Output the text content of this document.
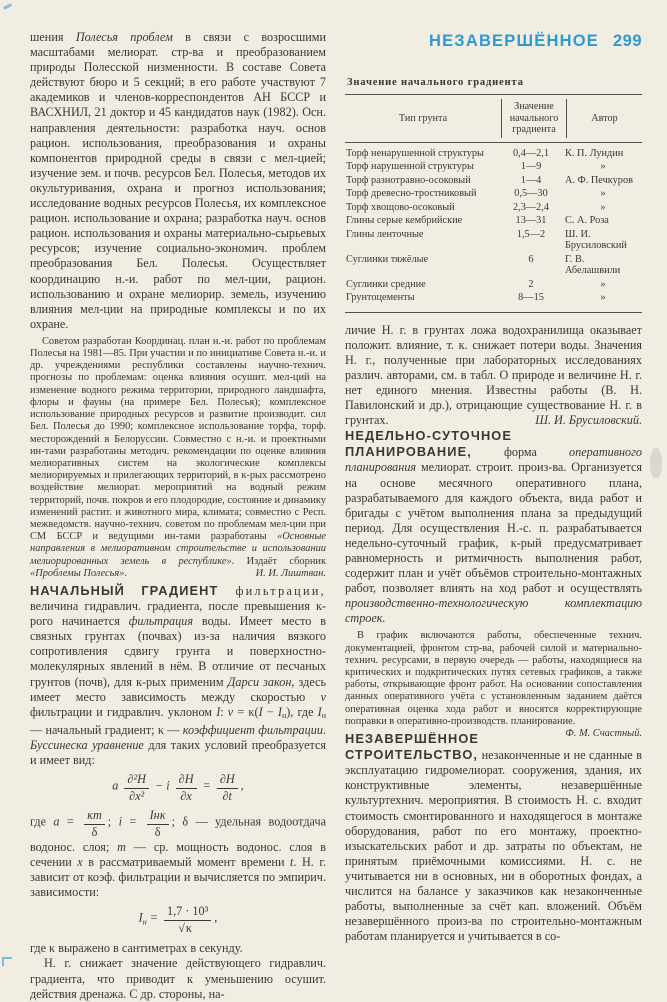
шения Полесья проблем в связи с возросшими масштабами мелиорат. стр-ва и преобразованием природы Полесской низменности. В составе Совета действуют бюро и 5 секций; в его работе участвуют 7 академиков и членов-корреспондентов АН БССР и ВАСХНИЛ, 21 доктор и 45 кандидатов наук (1982). Осн. направления деятельности: разработка науч. основ рацион. использования, преобразования и охраны компонентов природной среды в связи с мел-цией; изучение зем. и почв. ресурсов Бел. Полесья, методов их окультуривания, охрана и прогноз использования; исследование водных ресурсов Полесья, их комплексное рацион. использование и охрана; разработка науч. основ рацион. использования и охраны материально-сырьевых ресурсов; изучение социально-экономич. проблем преобразования Бел. Полесья. Осуществляет координацию н.-и. работ по мел-ции, рацион. использованию и охране мелиорир. земель, изучению влияния мел-ции на природные комплексы и по их охране.

Советом разработан Координац. план н.-и. работ по проблемам Полесья на 1981—85. При участии и по инициативе Совета н.-и. и др. учреждениями республики составлены научно-технич. прогнозы по проблемам: оценка влияния осушит. мел-ций на изменение водного режима территории, природного ландшафта, флоры и фауны (на примере Бел. Полесья); комплексное использование природных ресурсов и развитие производит. сил Бел. Полесья до 1990; комплексное использование торфа, торф. месторождений в Белоруссии. Совместно с н.-и. и проектными ин-тами разработаны методич. рекомендации по оценке влияния мелиоративных систем на экологические комплексы мелиорируемых и прилегающих территорий, в к-рых рассмотрено воздействие мелиорат. мероприятий на водный режим территорий, почв. покров и его плодородие, состояние и динамику изменений растит. и животного мира, климата; совместно с Респ. межведомств. научно-технич. советом по проблемам мел-ции при СМ БССР и ведущими ин-тами разработаны «Основные направления в мелиоративном строительстве и использовании мелиорированных земель в республике». Издаёт сборник «Проблемы Полесья».	И. И. Лиштван.

НАЧАЛЬНЫЙ ГРАДИЕНТ фильтрации, величина гидравлич. градиента, после превышения к-рого начинается фильтрация воды. Имеет место в связных грунтах (почвах) из-за наличия вязкого сопротивления сдвигу грунта и поверхностно-молекулярных явлений в нём. В отличие от песчаных грунтов (почв), для к-рых применим Дарси закон, здесь имеет место зависимость между скоростью v фильтрации и гидравлич. уклоном I: v = κ(I − Iн), где Iн — начальный градиент; κ — коэффициент фильтрации. Буссинеска уравнение для таких условий преобразуется и имеет вид:

a $\frac{\text{∂²H}}{\text{∂x²}} - i \frac{\partial H}{\partial x} = \frac{\partial H}{\partial t}$ ,

где $a = \frac{\kappa m}{\delta}$ ; $i = \frac{\text{Iнκ}}{\delta}$ ; δ — удельная водоотдача водонос. слоя; m — ср. мощность водонос. слоя в сечении x в рассматриваемый момент времени t. Н. г. зависит от коэф. фильтрации и вычисляется по эмпирич. зависимости:

$I_н = \frac{\text{1,7 · 10³}}{√\kappa}$ ,

где κ выражено в сантиметрах в секунду.

Н. г. снижает значение действующего гидравлич. градиента, что приводит к уменьшению осушит. действия дренажа. С др. стороны, на-

НЕЗАВЕРШЁННОЕ 299
Значение начального градиента
Тип грунта
Значение начального градиента
Автор
Торф ненарушенной структуры	0,4—2,1	К. П. Лундин
Торф нарушенной структуры	1—9	»
Торф разнотравно-осоковый	1—4	А. Ф. Печкуров
Торф древесно-тростниковый	0,5—30	»
Торф хвощово-осоковый	2,3—2,4	»
Глины серые кембрийские	13—31	С. А. Роза
Глины ленточные	1,5—2	Ш. И. Брусиловский
Суглинки тяжёлые	6	Г. В. Абелашвили
Суглинки средние	2	»
Грунтоцементы	8—15	»

личие Н. г. в грунтах ложа водохранилища оказывает положит. влияние, т. к. снижает потери воды. Значения Н. г., полученные при лабораторных исследованиях различ. авторами, см. в табл. О природе и величине Н. г. нет единого мнения. Известны работы (В. Н. Павилонский и др.), отрицающие существование Н. г. в грунтах.	Ш. И. Брусиловский.

НЕДЕЛЬНО-СУТОЧНОЕ ПЛАНИРОВАНИЕ, форма оперативного планирования мелиорат. строит. произ-ва. Организуется на основе месячного оперативного плана, разрабатываемого для каждого объекта, вида работ и бригады с учётом выполнения плана за предыдущий период. Для осуществления Н.-с. п. разрабатывается недельно-суточный график, к-рый предусматривает равномерность и ритмичность выполнения работ, содержит план и учёт объёмов строительно-монтажных работ, позволяет влиять на ход работ и осуществлять производственно-технологическую комплектацию строек.

В график включаются работы, обеспеченные технич. документацией, фронтом стр-ва, рабочей силой и материально-технич. ресурсами, в первую очередь — работы, находящиеся на критических и подкритических путях сетевых графиков, а также работы, открывающие фронт работ. На основании сопоставления данных оперативного учёта с установленным заданием даётся оперативная оценка хода работ и вносятся корректирующие поправки в оперативно-производств. планирование.
Ф. М. Счастный.

НЕЗАВЕРШЁННОЕ СТРОИТЕЛЬСТВО, незаконченные и не сданные в эксплуатацию гидромелиорат. сооружения, здания, их конструктивные элементы, незавершённые культуртехнич. мероприятия. В стоимость Н. с. входит стоимость смонтированного и находящегося в монтаже оборудования, работ по его монтажу, проектно-изыскательских работ и др. затраты по объектам, не принятым приёмочными комиссиями. Н. с. не учитывается ни в основных, ни в оборотных фондах, а числится на балансе у заказчиков как незаконченные работы, выполненные за счёт кап. вложений. Объём незавершённого произ-ва по строительно-монтажным работам планируется и учитывается в со-
